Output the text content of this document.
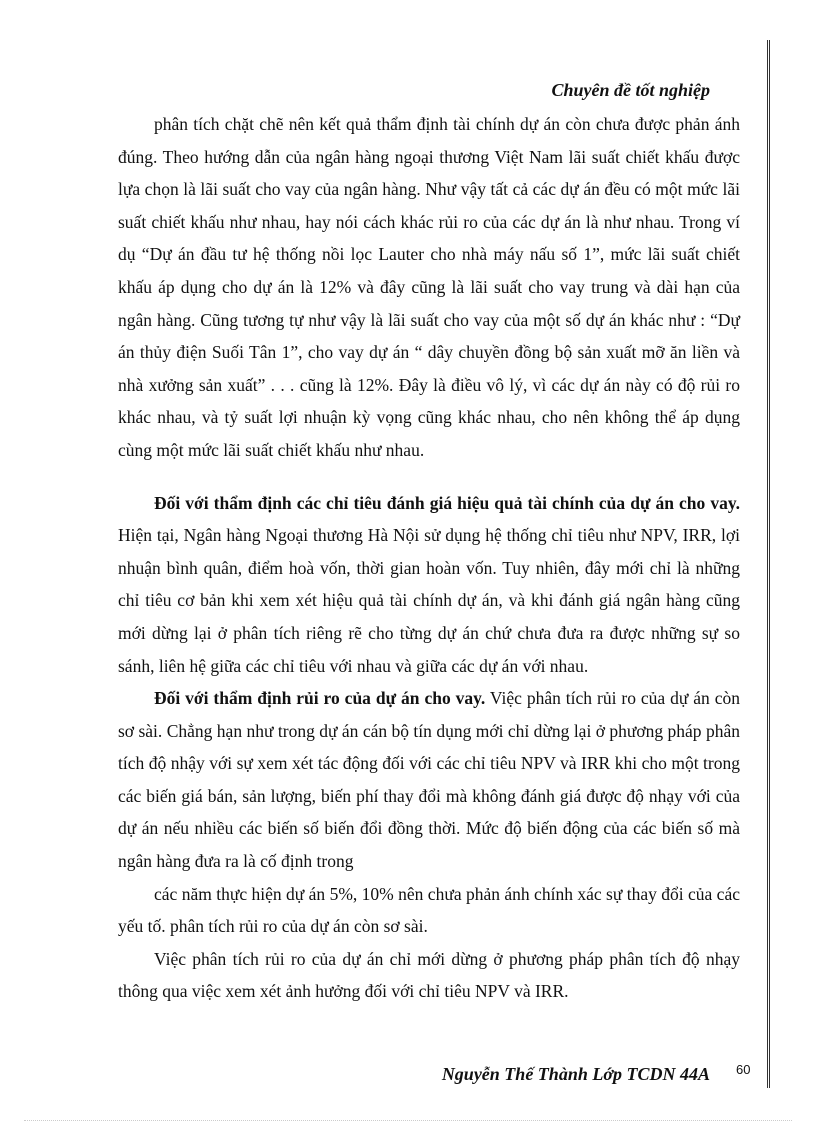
Chuyên đề tốt nghiệp

phân tích chặt chẽ nên kết quả thẩm định tài chính dự án còn chưa được phản ánh đúng. Theo hướng dẫn của ngân hàng ngoại thương Việt Nam lãi suất chiết khấu được lựa chọn là lãi suất cho vay của ngân hàng. Như vậy tất cả các dự án đều có một mức lãi suất chiết khấu như nhau, hay nói cách khác rủi ro của các dự án là như nhau. Trong ví dụ “Dự án đầu tư hệ thống nồi lọc Lauter cho nhà máy nấu số 1”, mức lãi suất chiết khấu áp dụng cho dự án là 12% và đây cũng là lãi suất cho vay trung và dài hạn của ngân hàng. Cũng tương tự như vậy là lãi suất cho vay của một số dự án khác như : “Dự án thủy điện Suối Tân 1”, cho vay dự án “ dây chuyền đồng bộ sản xuất mỡ ăn liền và nhà xưởng sản xuất” . . . cũng là 12%. Đây là điều vô lý, vì các dự án này có độ rủi ro khác nhau, và tỷ suất lợi nhuận kỳ vọng cũng khác nhau, cho nên không thể áp dụng cùng một mức lãi suất chiết khấu như nhau.

Đối với thẩm định các chỉ tiêu đánh giá hiệu quả tài chính của dự án cho vay. Hiện tại, Ngân hàng Ngoại thương Hà Nội sử dụng hệ thống chỉ tiêu như NPV, IRR, lợi nhuận bình quân, điểm hoà vốn, thời gian hoàn vốn. Tuy nhiên, đây mới chỉ là những chỉ tiêu cơ bản khi xem xét hiệu quả tài chính dự án, và khi đánh giá ngân hàng cũng mới dừng lại ở phân tích riêng rẽ cho từng dự án chứ chưa đưa ra được những sự so sánh, liên hệ giữa các chỉ tiêu với nhau và giữa các dự án với nhau.

Đối với thẩm định rủi ro của dự án cho vay. Việc phân tích rủi ro của dự án còn sơ sài. Chẳng hạn như trong dự án cán bộ tín dụng mới chỉ dừng lại ở phương pháp phân tích độ nhậy với sự xem xét tác động đối với các chỉ tiêu NPV và IRR khi cho một trong các biến giá bán, sản lượng, biến phí thay đổi mà không đánh giá được độ nhạy với của dự án nếu nhiều các biến số biến đổi đồng thời. Mức độ biến động của các biến số mà ngân hàng đưa ra là cố định trong

các năm thực hiện dự án 5%, 10% nên chưa phản ánh chính xác sự thay đổi của các yếu tố. phân tích rủi ro của dự án còn sơ sài.

Việc phân tích rủi ro của dự án chỉ mới dừng ở phương pháp phân tích độ nhạy thông qua việc xem xét ảnh hưởng đối với chỉ tiêu NPV và IRR.

Nguyễn Thế Thành Lớp TCDN 44A 60
